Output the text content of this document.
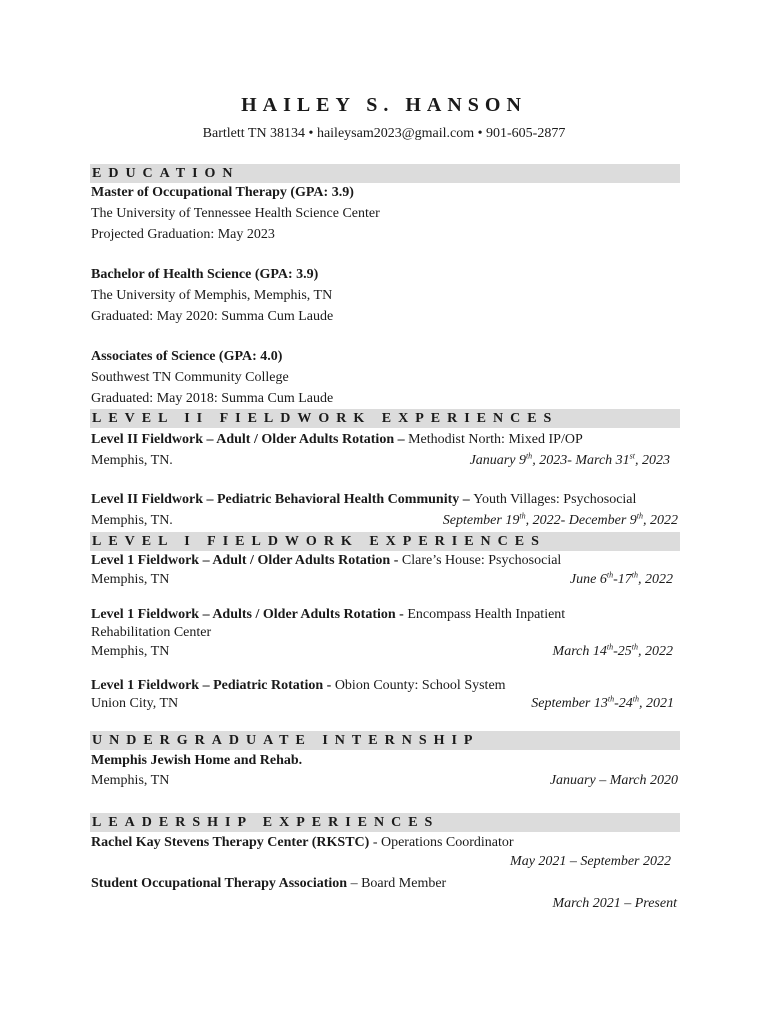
HAILEY S. HANSON
Bartlett TN 38134 • haileysam2023@gmail.com • 901-605-2877
EDUCATION
Master of Occupational Therapy (GPA: 3.9)
The University of Tennessee Health Science Center
Projected Graduation: May 2023
Bachelor of Health Science (GPA: 3.9)
The University of Memphis, Memphis, TN
Graduated: May 2020: Summa Cum Laude
Associates of Science (GPA: 4.0)
Southwest TN Community College
Graduated: May 2018: Summa Cum Laude
LEVEL II FIELDWORK EXPERIENCES
Level II Fieldwork – Adult / Older Adults Rotation – Methodist North: Mixed IP/OP
Memphis, TN.	January 9th, 2023- March 31st, 2023
Level II Fieldwork – Pediatric Behavioral Health Community – Youth Villages: Psychosocial
Memphis, TN.	September 19th, 2022- December 9th, 2022
LEVEL I FIELDWORK EXPERIENCES
Level 1 Fieldwork – Adult / Older Adults Rotation - Clare’s House: Psychosocial
Memphis, TN	June 6th-17th, 2022
Level 1 Fieldwork – Adults / Older Adults Rotation - Encompass Health Inpatient
Rehabilitation Center
Memphis, TN	March 14th-25th, 2022
Level 1 Fieldwork – Pediatric Rotation - Obion County: School System
Union City, TN	September 13th-24th, 2021
UNDERGRADUATE INTERNSHIP
Memphis Jewish Home and Rehab.
Memphis, TN	January – March 2020
LEADERSHIP EXPERIENCES
Rachel Kay Stevens Therapy Center (RKSTC) - Operations Coordinator
May 2021 – September 2022
Student Occupational Therapy Association – Board Member
March 2021 – Present
